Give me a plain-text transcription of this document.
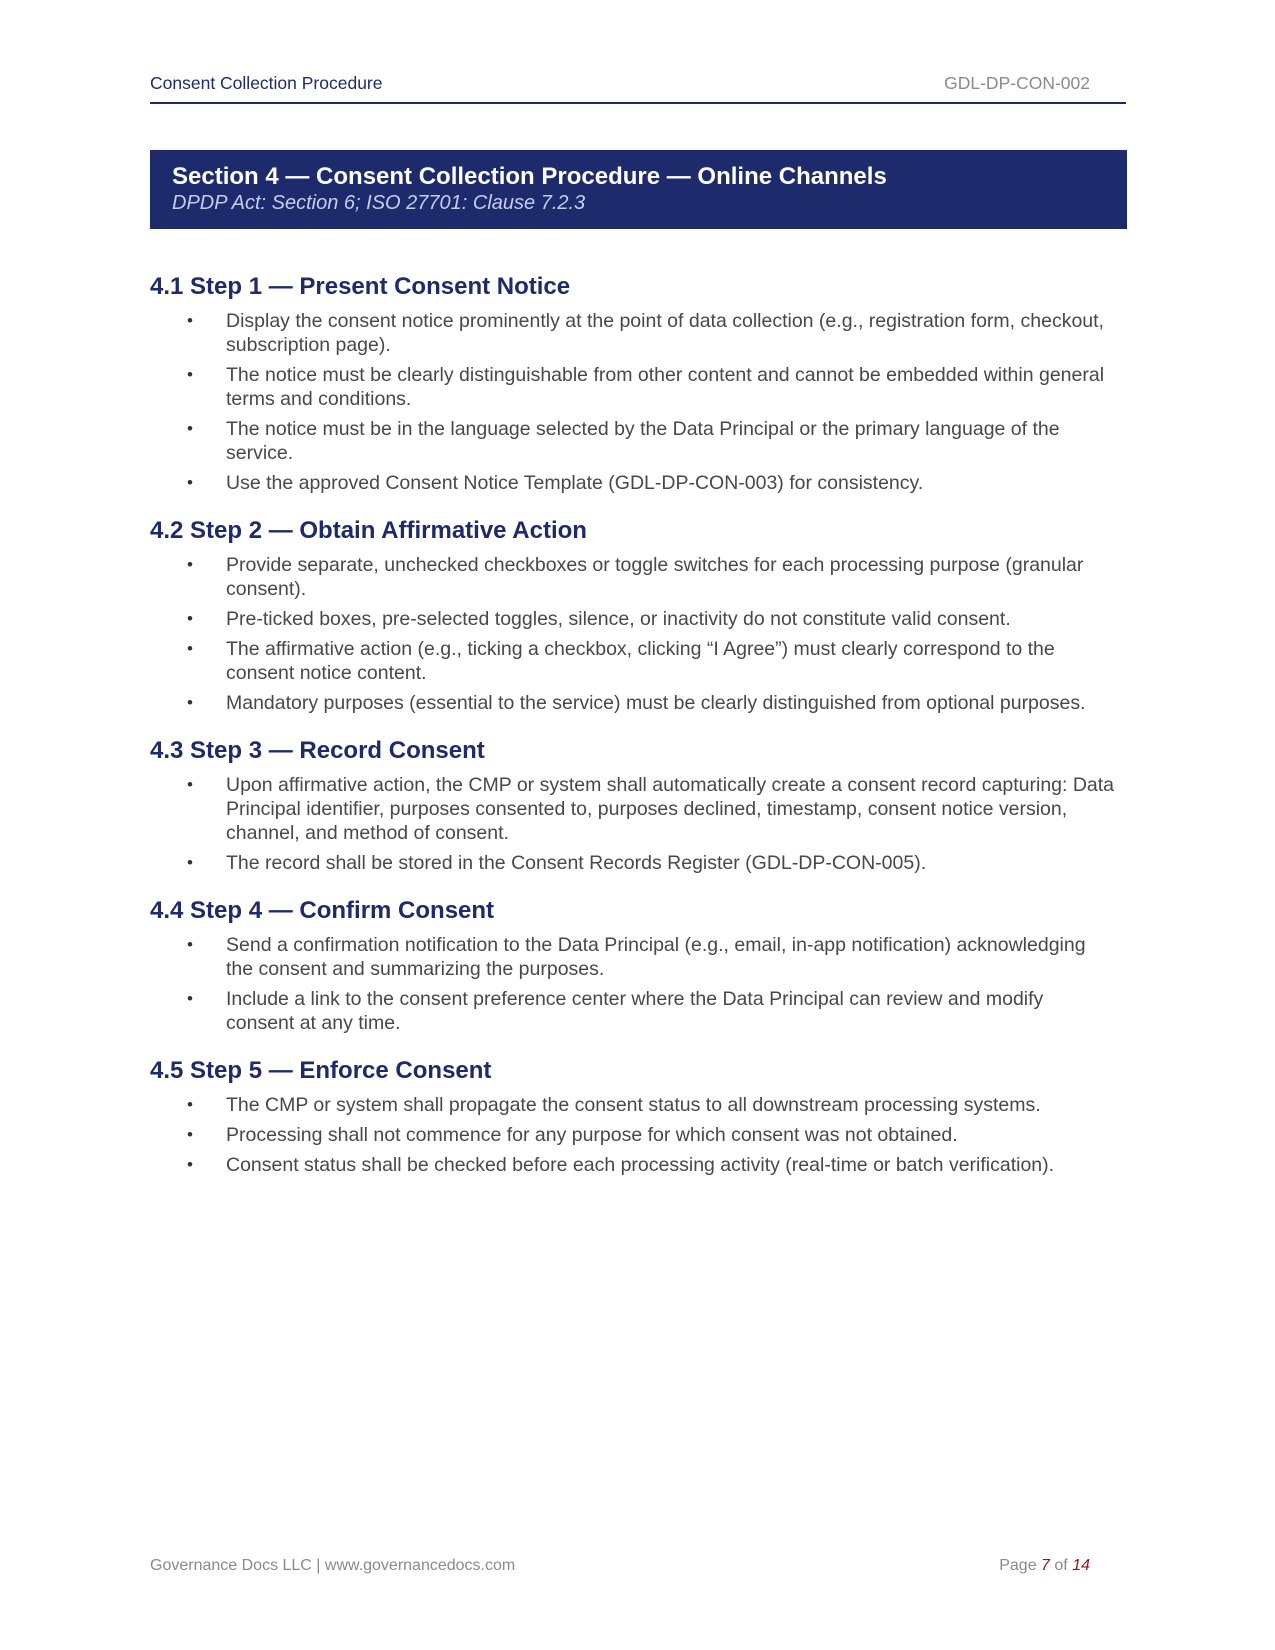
Consent Collection Procedure	GDL-DP-CON-002
Section 4 — Consent Collection Procedure — Online Channels
DPDP Act: Section 6; ISO 27701: Clause 7.2.3
4.1 Step 1 — Present Consent Notice
• Display the consent notice prominently at the point of data collection (e.g., registration form, checkout, subscription page).
• The notice must be clearly distinguishable from other content and cannot be embedded within general terms and conditions.
• The notice must be in the language selected by the Data Principal or the primary language of the service.
• Use the approved Consent Notice Template (GDL-DP-CON-003) for consistency.
4.2 Step 2 — Obtain Affirmative Action
• Provide separate, unchecked checkboxes or toggle switches for each processing purpose (granular consent).
• Pre-ticked boxes, pre-selected toggles, silence, or inactivity do not constitute valid consent.
• The affirmative action (e.g., ticking a checkbox, clicking “I Agree”) must clearly correspond to the consent notice content.
• Mandatory purposes (essential to the service) must be clearly distinguished from optional purposes.
4.3 Step 3 — Record Consent
• Upon affirmative action, the CMP or system shall automatically create a consent record capturing: Data Principal identifier, purposes consented to, purposes declined, timestamp, consent notice version, channel, and method of consent.
• The record shall be stored in the Consent Records Register (GDL-DP-CON-005).
4.4 Step 4 — Confirm Consent
• Send a confirmation notification to the Data Principal (e.g., email, in-app notification) acknowledging the consent and summarizing the purposes.
• Include a link to the consent preference center where the Data Principal can review and modify consent at any time.
4.5 Step 5 — Enforce Consent
• The CMP or system shall propagate the consent status to all downstream processing systems.
• Processing shall not commence for any purpose for which consent was not obtained.
• Consent status shall be checked before each processing activity (real-time or batch verification).
Governance Docs LLC | www.governancedocs.com	Page 7 of 14
